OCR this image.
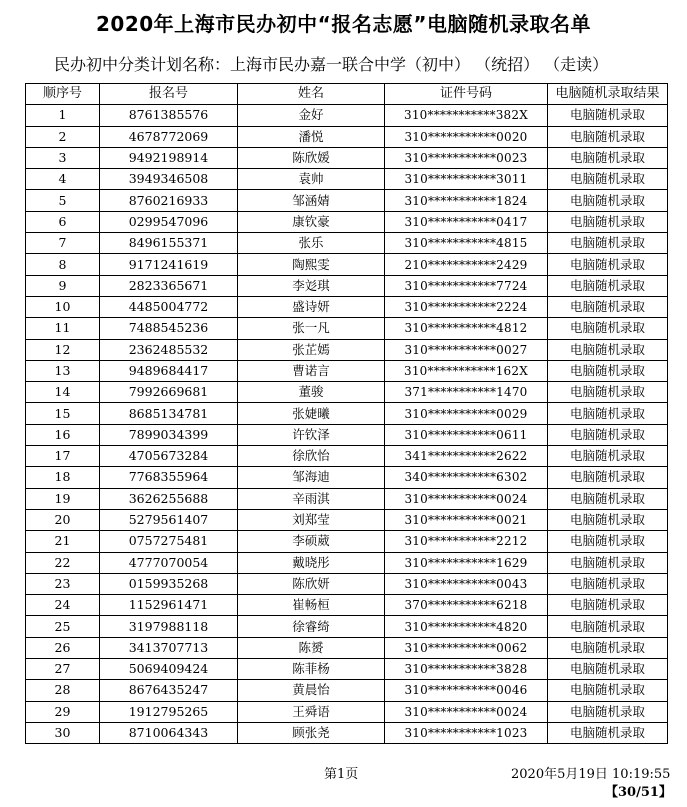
2020年上海市民办初中“报名志愿”电脑随机录取名单
民办初中分类计划名称：上海市民办嘉一联合中学（初中） （统招） （走读）
顺序号	报名号	姓名	证件号码	电脑随机录取结果
1	8761385576	金好	310***********382X	电脑随机录取
2	4678772069	潘悦	310***********0020	电脑随机录取
3	9492198914	陈欣媛	310***********0023	电脑随机录取
4	3949346508	袁帅	310***********3011	电脑随机录取
5	8760216933	邹涵婧	310***********1824	电脑随机录取
6	0299547096	康钦豪	310***********0417	电脑随机录取
7	8496155371	张乐	310***********4815	电脑随机录取
8	9171241619	陶熙雯	210***********2429	电脑随机录取
9	2823365671	李彣琪	310***********7724	电脑随机录取
10	4485004772	盛诗妍	310***********2224	电脑随机录取
11	7488545236	张一凡	310***********4812	电脑随机录取
12	2362485532	张芷嫣	310***********0027	电脑随机录取
13	9489684417	曹诺言	310***********162X	电脑随机录取
14	7992669681	董骏	371***********1470	电脑随机录取
15	8685134781	张婕曦	310***********0029	电脑随机录取
16	7899034399	许钦泽	310***********0611	电脑随机录取
17	4705673284	徐欣怡	341***********2622	电脑随机录取
18	7768355964	邹海迪	340***********6302	电脑随机录取
19	3626255688	辛雨淇	310***********0024	电脑随机录取
20	5279561407	刘郑莹	310***********0021	电脑随机录取
21	0757275481	李硕葳	310***********2212	电脑随机录取
22	4777070054	戴晓彤	310***********1629	电脑随机录取
23	0159935268	陈欣妍	310***********0043	电脑随机录取
24	1152961471	崔畅桓	370***********6218	电脑随机录取
25	3197988118	徐睿绮	310***********4820	电脑随机录取
26	3413707713	陈赟	310***********0062	电脑随机录取
27	5069409424	陈菲杨	310***********3828	电脑随机录取
28	8676435247	黄晨怡	310***********0046	电脑随机录取
29	1912795265	王舜语	310***********0024	电脑随机录取
30	8710064343	顾张尧	310***********1023	电脑随机录取
第1页	2020年5月19日 10:19:55
【30/51】
